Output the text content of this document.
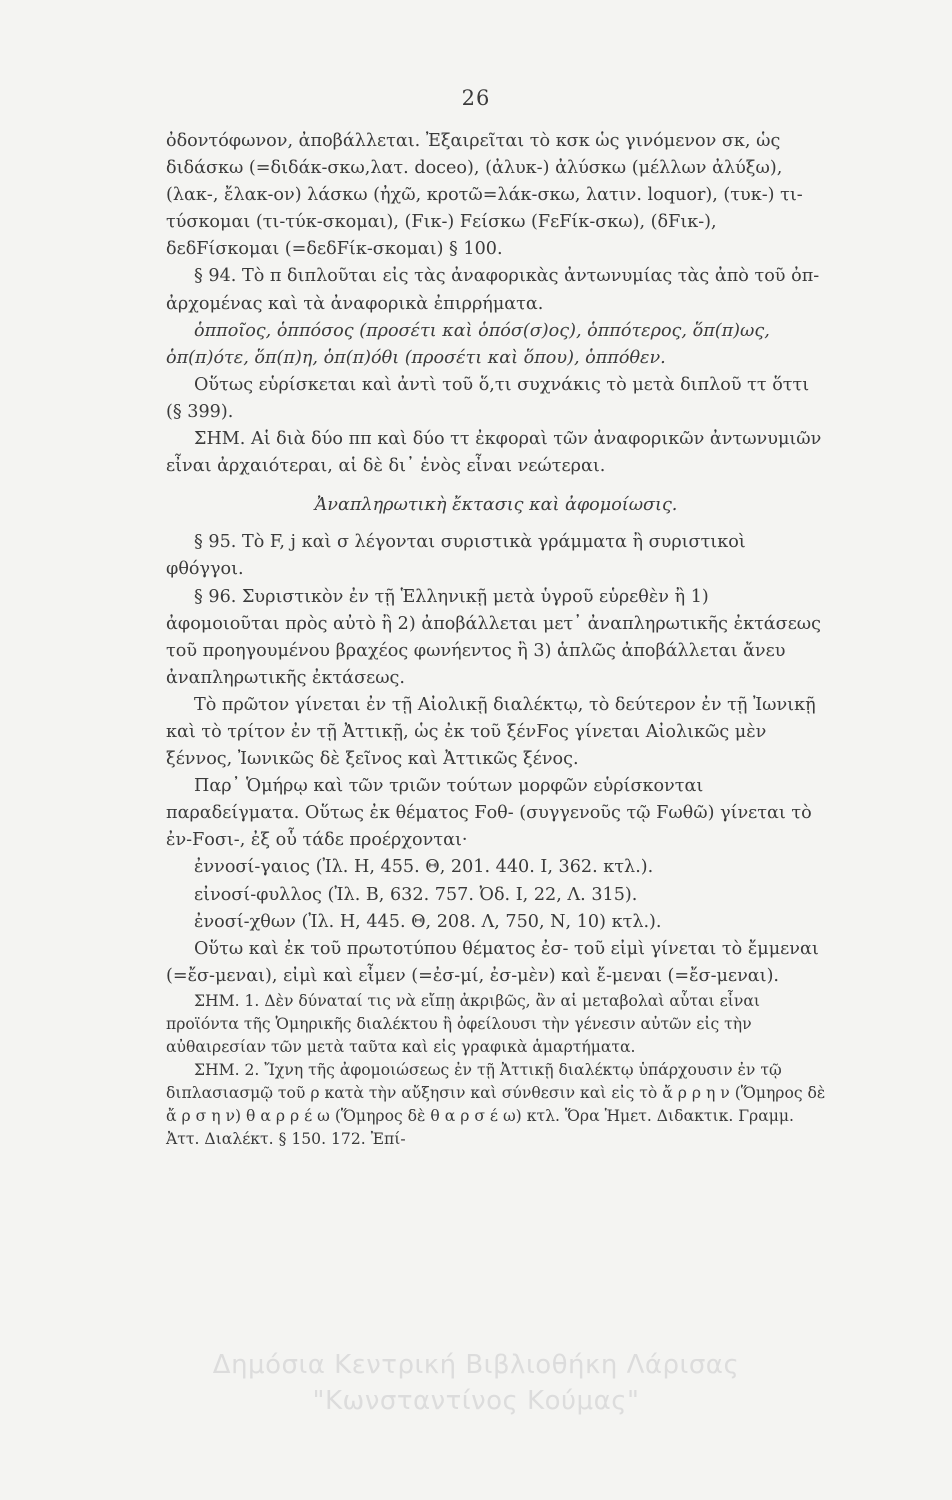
26

ὀδοντόφωνον, ἀποβάλλεται. Ἐξαιρεῖται τὸ κσκ ὡς γινόμενον σκ, ὡς διδάσκω (=διδάκ-σκω,λατ. doceo), (ἀλυκ-) ἀλύσκω (μέλλων ἀλύξω), (λακ-, ἔλακ-ον) λάσκω (ἠχῶ, κροτῶ=λάκ-σκω, λατιν. loquor), (τυκ-) τι-τύσκομαι (τι-τύκ-σκομαι), (Fικ-) Fείσκω (FεFίκ-σκω), (δFικ-), δεδFίσκομαι (=δεδFίκ-σκομαι) § 100.

§ 94. Τὸ π διπλοῦται εἰς τὰς ἀναφορικὰς ἀντωνυμίας τὰς ἀπὸ τοῦ ὀπ- ἀρχομένας καὶ τὰ ἀναφορικὰ ἐπιρρήματα.

ὁπποῖος, ὁππόσος (προσέτι καὶ ὁπόσ(σ)ος), ὁππότερος, ὅπ(π)ως, ὁπ(π)ότε, ὅπ(π)η, ὁπ(π)όθι (προσέτι καὶ ὅπου), ὁππόθεν.

Οὕτως εὑρίσκεται καὶ ἀντὶ τοῦ ὅ,τι συχνάκις τὸ μετὰ διπλοῦ ττ ὅττι (§ 399).

ΣΗΜ. Αἱ διὰ δύο ππ καὶ δύο ττ ἐκφοραὶ τῶν ἀναφορικῶν ἀντωνυμιῶν εἶναι ἀρχαιότεραι, αἱ δὲ δι᾽ ἑνὸς εἶναι νεώτεραι.

Ἀναπληρωτικὴ ἔκτασις καὶ ἀφομοίωσις.

§ 95. Τὸ F, j καὶ σ λέγονται συριστικὰ γράμματα ἢ συριστικοὶ φθόγγοι.

§ 96. Συριστικὸν ἐν τῇ Ἑλληνικῇ μετὰ ὑγροῦ εὑρεθὲν ἢ 1) ἀφομοιοῦται πρὸς αὐτὸ ἢ 2) ἀποβάλλεται μετ᾽ ἀναπληρωτικῆς ἐκτάσεως τοῦ προηγουμένου βραχέος φωνήεντος ἢ 3) ἁπλῶς ἀποβάλλεται ἄνευ ἀναπληρωτικῆς ἐκτάσεως.

Τὸ πρῶτον γίνεται ἐν τῇ Αἰολικῇ διαλέκτῳ, τὸ δεύτερον ἐν τῇ Ἰωνικῇ καὶ τὸ τρίτον ἐν τῇ Ἀττικῇ, ὡς ἐκ τοῦ ξένFος γίνεται Αἰολικῶς μὲν ξέννος, Ἰωνικῶς δὲ ξεῖνος καὶ Ἀττικῶς ξένος.

Παρ᾽ Ὁμήρῳ καὶ τῶν τριῶν τούτων μορφῶν εὑρίσκονται παραδείγματα. Οὕτως ἐκ θέματος Fοθ- (συγγενοῦς τῷ Fωθῶ) γίνεται τὸ ἐν-Fοσι-, ἐξ οὗ τάδε προέρχονται·

ἐννοσί-γαιος (Ἰλ. Η, 455. Θ, 201. 440. Ι, 362. κτλ.).

εἰνοσί-φυλλος (Ἰλ. Β, 632. 757. Ὀδ. Ι, 22, Λ. 315).

ἐνοσί-χθων (Ἰλ. Η, 445. Θ, 208. Λ, 750, Ν, 10) κτλ.).

Οὕτω καὶ ἐκ τοῦ πρωτοτύπου θέματος ἐσ- τοῦ εἰμὶ γίνεται τὸ ἔμμεναι (=ἔσ-μεναι), εἰμὶ καὶ εἶμεν (=ἐσ-μί, ἐσ-μὲν) καὶ ἔ-μεναι (=ἔσ-μεναι).

ΣΗΜ. 1. Δὲν δύναταί τις νὰ εἴπῃ ἀκριβῶς, ἂν αἱ μεταβολαὶ αὗται εἶναι προϊόντα τῆς Ὁμηρικῆς διαλέκτου ἢ ὀφείλουσι τὴν γένεσιν αὐτῶν εἰς τὴν αὐθαιρεσίαν τῶν μετὰ ταῦτα καὶ εἰς γραφικὰ ἁμαρτήματα.

ΣΗΜ. 2. Ἴχνη τῆς ἀφομοιώσεως ἐν τῇ Ἀττικῇ διαλέκτῳ ὑπάρχουσιν ἐν τῷ διπλασιασμῷ τοῦ ρ κατὰ τὴν αὔξησιν καὶ σύνθεσιν καὶ εἰς τὸ ἄ ρ ρ η ν (Ὅμηρος δὲ ἄ ρ σ η ν) θ α ρ ρ έ ω (Ὅμηρος δὲ θ α ρ σ έ ω) κτλ. Ὅρα Ἡμετ. Διδακτικ. Γραμμ. Ἀττ. Διαλέκτ. § 150. 172. Ἐπί-

Δημόσια Κεντρική Βιβλιοθήκη Λάρισας
"Κωνσταντίνος Κούμας"
